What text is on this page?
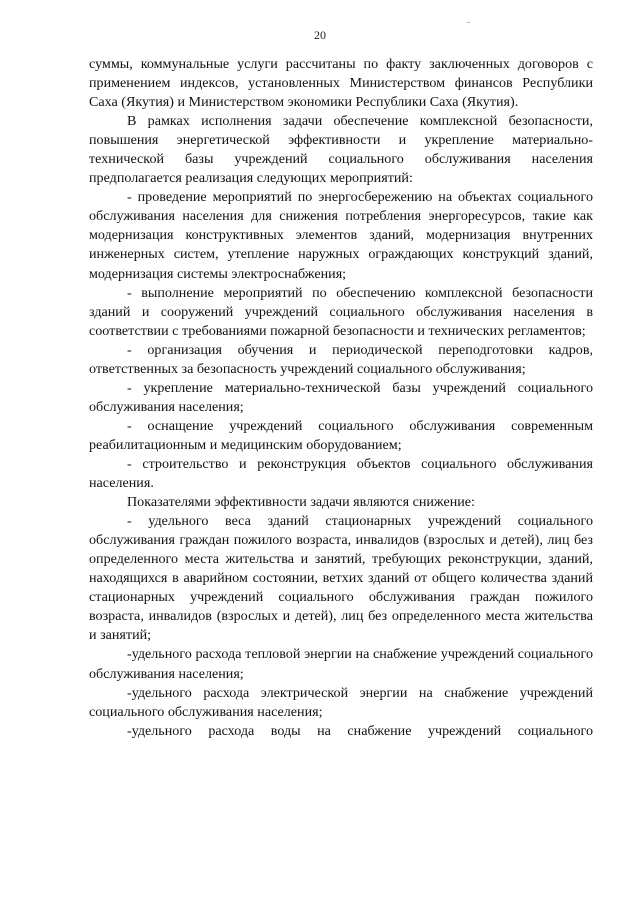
20

суммы, коммунальные услуги рассчитаны по факту заключенных договоров с применением индексов, установленных Министерством финансов Республики Саха (Якутия) и Министерством экономики Республики Саха (Якутия).

В рамках исполнения задачи обеспечение комплексной безопасности, повышения энергетической эффективности и укрепление материально-технической базы учреждений социального обслуживания населения предполагается реализация следующих мероприятий:

- проведение мероприятий по энергосбережению на объектах социального обслуживания населения для снижения потребления энергоресурсов, такие как модернизация конструктивных элементов зданий, модернизация внутренних инженерных систем, утепление наружных ограждающих конструкций зданий, модернизация системы электроснабжения;

- выполнение мероприятий по обеспечению комплексной безопасности зданий и сооружений учреждений социального обслуживания населения в соответствии с требованиями пожарной безопасности и технических регламентов;

- организация обучения и периодической переподготовки кадров, ответственных за безопасность учреждений социального обслуживания;

- укрепление материально-технической базы учреждений социального обслуживания населения;

- оснащение учреждений социального обслуживания современным реабилитационным и медицинским оборудованием;

- строительство и реконструкция объектов социального обслуживания населения.

Показателями эффективности задачи являются снижение:

- удельного веса зданий стационарных учреждений социального обслуживания граждан пожилого возраста, инвалидов (взрослых и детей), лиц без определенного места жительства и занятий, требующих реконструкции, зданий, находящихся в аварийном состоянии, ветхих зданий от общего количества зданий стационарных учреждений социального обслуживания граждан пожилого возраста, инвалидов (взрослых и детей), лиц без определенного места жительства и занятий;

-удельного расхода тепловой энергии на снабжение учреждений социального обслуживания населения;

-удельного расхода электрической энергии на снабжение учреждений социального обслуживания населения;

-удельного расхода воды на снабжение учреждений социального
